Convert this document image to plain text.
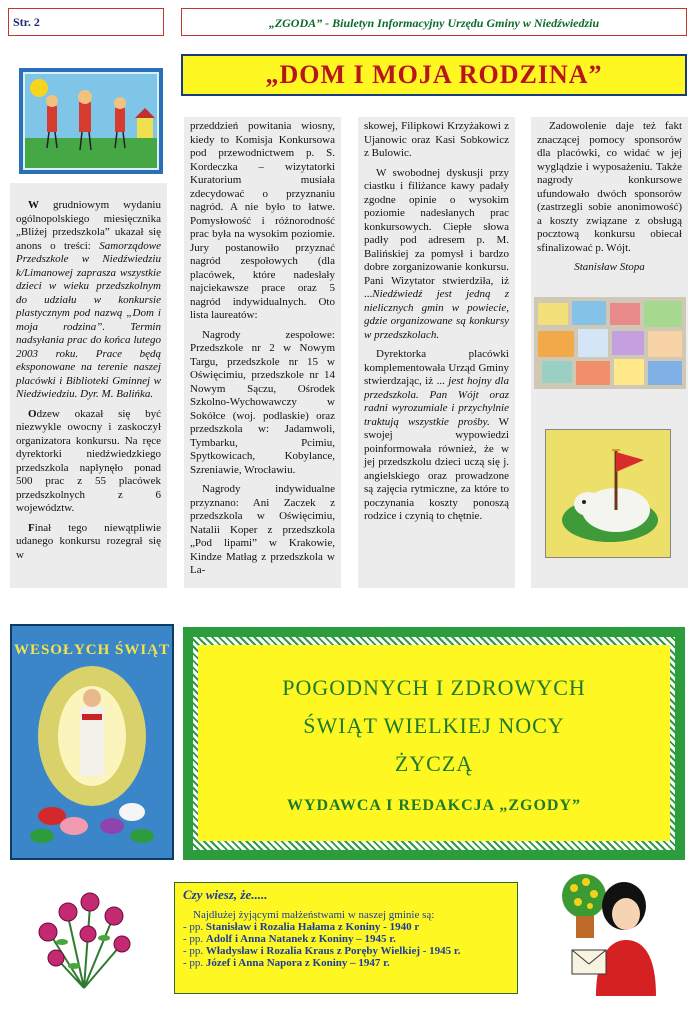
Str. 2	„ZGODA” - Biuletyn Informacyjny Urzędu Gminy w Niedźwiedziu
„DOM I MOJA RODZINA”

W grudniowym wydaniu ogólnopolskiego miesięcznika „Bliżej przedszkola” ukazał się anons o treści: Samorządowe Przedszkole w Niedźwiedziu k/Limanowej zaprasza wszystkie dzieci w wieku przedszkolnym do udziału w konkursie plastycznym pod nazwą „Dom i moja rodzina”. Termin nadsyłania prac do końca lutego 2003 roku. Prace będą eksponowane na terenie naszej placówki i Biblioteki Gminnej w Niedźwiedziu. Dyr. M. Balińka.

Odzew okazał się być niezwykle owocny i zaskoczył organizatora konkursu. Na ręce dyrektorki niedźwiedzkiego przedszkola napłynęło ponad 500 prac z 55 placówek przedszkolnych z 6 województw.

Finał tego niewątpliwie udanego konkursu rozegrał się w

przeddzień powitania wiosny, kiedy to Komisja Konkursowa pod przewodnictwem p. S. Kordeczka – wizytatorki Kuratorium musiała zdecydować o przyznaniu nagród. A nie było to łatwe. Pomysłowość i różnorodność prac była na wysokim poziomie. Jury postanowiło przyznać nagród zespołowych (dla placówek, które nadesłały najciekawsze prace oraz 5 nagród indywidualnych. Oto lista laureatów:

Nagrody zespołowe: Przedszkole nr 2 w Nowym Targu, przedszkole nr 15 w Oświęcimiu, przedszkole nr 14 Nowym Sączu, Ośrodek Szkolno-Wychowawczy w Sokółce (woj. podlaskie) oraz przedszkola w: Jadamwoli, Tymbarku, Pcimiu, Spytkowicach, Kobylance, Szreniawie, Wrocławiu.

Nagrody indywidualne przyznano: Ani Zaczek z przedszkola w Oświęcimiu, Natalii Koper z przedszkola „Pod lipami” w Krakowie, Kindze Matłag z przedszkola w La-

skowej, Filipkowi Krzyżakowi z Ujanowic oraz Kasi Sobkowicz z Bulowic.

W swobodnej dyskusji przy ciastku i filiżance kawy padały zgodne opinie o wysokim poziomie nadesłanych prac konkursowych. Ciepłe słowa padły pod adresem p. M. Balińskiej za pomysł i bardzo dobre zorganizowanie konkursu. Pani Wizytator stwierdziła, iż ...Niedźwiedź jest jedną z nielicznych gmin w powiecie, gdzie organizowane są konkursy w przedszkolach.

Dyrektorka placówki komplementowała Urząd Gminy stwierdzając, iż ... jest hojny dla przedszkola. Pan Wójt oraz radni wyrozumiale i przychylnie traktują wszystkie prośby. W swojej wypowiedzi poinformowała również, że w jej przedszkolu dzieci uczą się j. angielskiego oraz prowadzone są zajęcia rytmiczne, za które to poczynania koszty ponoszą rodzice i czynią to chętnie.

Zadowolenie daje też fakt znaczącej pomocy sponsorów dla placówki, co widać w jej wyglądzie i wyposażeniu. Także nagrody konkursowe ufundowało dwóch sponsorów (zastrzegli sobie anonimowość) a koszty związane z obsługą pocztową konkursu obiecał sfinalizować p. Wójt.

Stanisław Stopa
WESOŁYCH ŚWIĄT
POGODNYCH I ZDROWYCH
ŚWIĄT WIELKIEJ NOCY
ŻYCZĄ
WYDAWCA I REDAKCJA „ZGODY”
Czy wiesz, że.....
Najdłużej żyjącymi małżeństwami w naszej gminie są:
- pp. Stanisław i Rozalia Hałama z Koniny - 1940 r
- pp. Adolf i Anna Natanek z Koniny – 1945 r.
- pp. Władysław i Rozalia Kraus z Poręby Wielkiej - 1945 r.
- pp. Józef i Anna Napora z Koniny – 1947 r.
